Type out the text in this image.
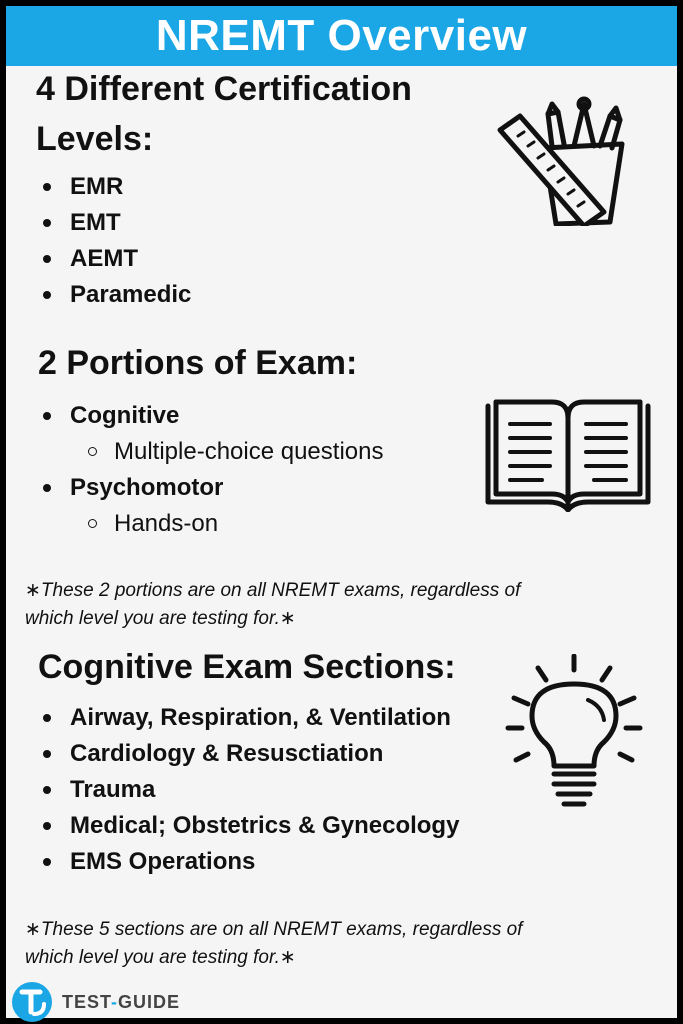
NREMT Overview
4 Different Certification
Levels:
EMR
EMT
AEMT
Paramedic
2 Portions of Exam:
Cognitive
Multiple-choice questions
Psychomotor
Hands-on

∗These 2 portions are on all NREMT exams, regardless of

which level you are testing for.∗

Cognitive Exam Sections:
Airway, Respiration, & Ventilation
Cardiology & Resusctiation
Trauma
Medical; Obstetrics & Gynecology
EMS Operations

∗These 5 sections are on all NREMT exams, regardless of

which level you are testing for.∗

TEST-GUIDE
